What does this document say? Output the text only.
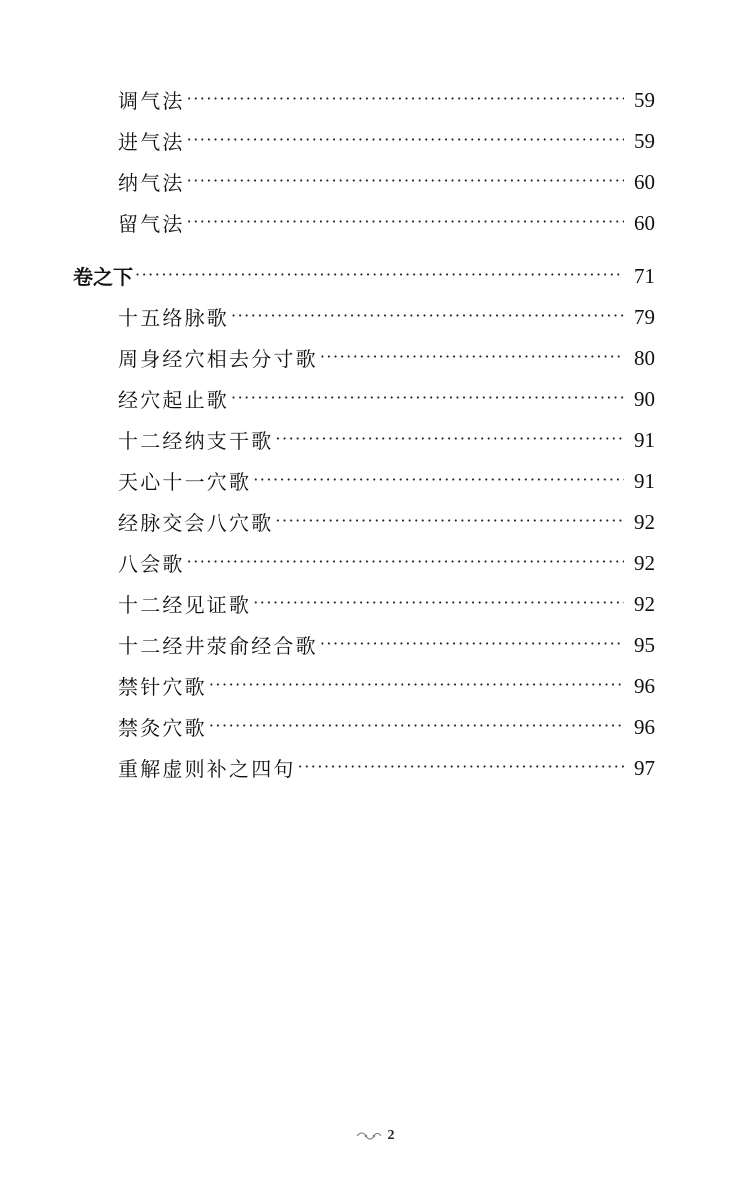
调气法 ·····	59
进气法 ·····	59
纳气法 ·····	60
留气法 ·····	60
卷之下 ·····	71
十五络脉歌 ·····	79
周身经穴相去分寸歌 ·····	80
经穴起止歌 ·····	90
十二经纳支干歌 ·····	91
天心十一穴歌 ·····	91
经脉交会八穴歌 ·····	92
八会歌 ·····	92
十二经见证歌 ·····	92
十二经井荥俞经合歌 ·····	95
禁针穴歌 ·····	96
禁灸穴歌 ·····	96
重解虚则补之四句 ·····	97
2
